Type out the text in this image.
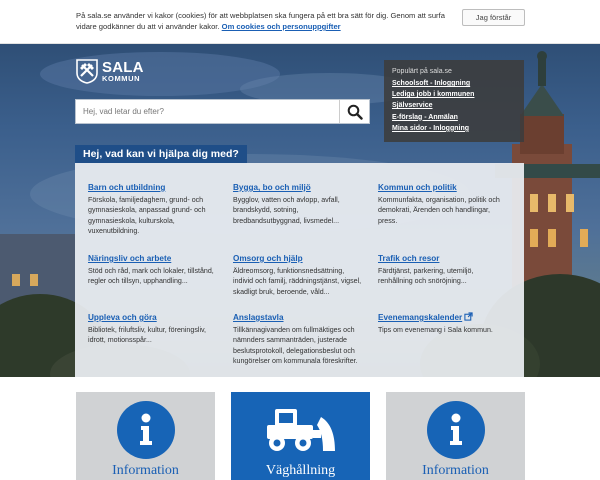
På sala.se använder vi kakor (cookies) för att webbplatsen ska fungera på ett bra sätt för dig. Genom att surfa vidare godkänner du att vi använder kakor. Om cookies och personuppgifter
Jag förstår
SALA
KOMMUN
Hej, vad letar du efter?
Populärt på sala.se
Schoolsoft - Inloggning
Lediga jobb i kommunen
Självservice
E-förslag - Anmälan
Mina sidor - Inloggning
Hej, vad kan vi hjälpa dig med?
Barn och utbildning
Förskola, familjedaghem, grund- och gymnasieskola, anpassad grund- och gymnasieskola, kulturskola, vuxenutbildning.
Bygga, bo och miljö
Bygglov, vatten och avlopp, avfall, brandskydd, sotning, bredbandsutbyggnad, livsmedel...
Kommun och politik
Kommunfakta, organisation, politik och demokrati, Ärenden och handlingar, press.
Näringsliv och arbete
Stöd och råd, mark och lokaler, tillstånd, regler och tillsyn, upphandling...
Omsorg och hjälp
Äldreomsorg, funktionsnedsättning, individ och familj, räddningstjänst, vigsel, skadligt bruk, beroende, våld...
Trafik och resor
Färdtjänst, parkering, utemiljö, renhållning och snöröjning...
Uppleva och göra
Bibliotek, friluftsliv, kultur, föreningsliv, idrott, motionsspår...
Anslagstavla
Tillkännagivanden om fullmäktiges och nämnders sammanträden, justerade beslutsprotokoll, delegationsbeslut och kungörelser om kommunala föreskrifter.
Evenemangskalender
Tips om evenemang i Sala kommun.
Information	Väghållning	Information
